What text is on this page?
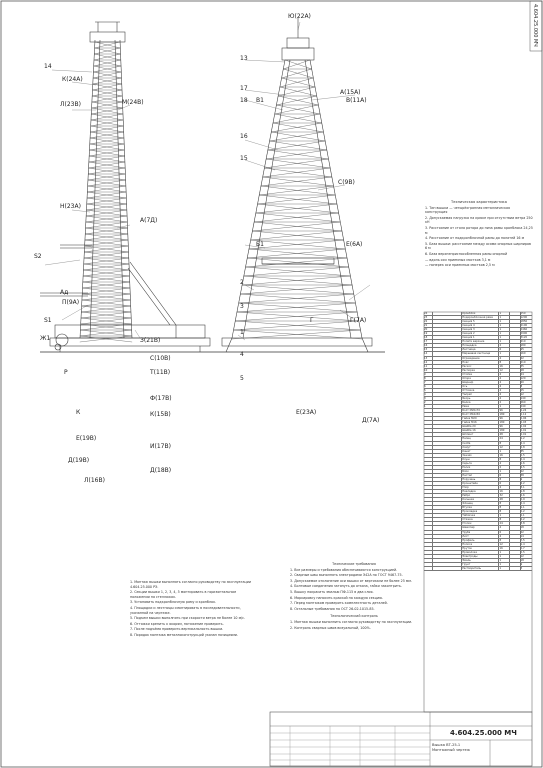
14
К(24А)
Л(23В)	М(24В)
Н(23А)
А(7Д)
S2
Ад
П(9А)
S1
Ж1	З(21В)
С(10В)
Т(11В)
Р
Ф(17В)
К	К(15В)
Е(19В)
И(17В)
Д(19В)
Д(18В)
Л(16В)
Ю(22А)
13
17
18 В1
А(15А)
В(11А)
16
15
С(9В)
Е(6А)
Б1
2
3
1
4
5
Г	Г(7А)
Е(23А)
Д(7А)

Техническая характеристика

1. Тип вышки — четырёхгранная металлическая конструкция

2. Допускаемая нагрузка на крюке при отсутствии ветра 250 кН

3. Расстояние от стола ротора до низа рамы кронблока 24,25 м

4. Расстояние от подкронблочной рамы до полатей 16 м

5. База вышки: расстояние между осями опорных шарниров 6 м

6. База верхнеприспособленная рамы опорной

— вдоль оси приемных мостков 3,1 м

— поперек оси приемных мостков 2,5 м

24	Кронблок	1	250
23	Подкронблочная рама	1	1200
22	Секция 5	1	1850
21	Секция 4	1	2100
20	Секция 3	1	2460
19	Секция 2	1	2900
18	Секция 1	1	3120
17	Полати верхние	1	410
16	Площадка	2	180
15	Лестница	6	95
14	Маршевая лестница	1	160
13	Ограждение	4	42
12	Пояс	8	210
11	Раскос	16	35
10	Распорка	12	28
9	Стойка	4	64
8	Опора	4	120
7	Шарнир	4	40
6	Ось	4	8
5	Оттяжка	4	55
4	Талреп	4	12
3	Якорь	4	140
2	Балка	2	260
1	Рама	1	540
Болт М20х70	96	0,24
Болт М16х50	180	0,12
Гайка М20	96	0,06
Гайка М16	180	0,03
Шайба 20	96	0,02
Шайба 16	180	0,01
Шплинт	48	0,01
Палец	24	1,2
Скоба	8	2,4
Хомут	12	0,8
Канат	1	85
Зажим	16	0,5
Коуш	8	0,4
Серьга	4	1,6
Ролик	2	6,5
Блок	1	42
Настил	6	38
Поручень	8	9
Кронштейн	6	4,2
Упор	4	3,1
Накладка	16	1,8
Ребро	32	0,6
Косынка	48	0,9
Фланец	8	5,4
Втулка	8	1,1
Прокладка	8	0,2
Табличка	1	0,1
Стяжка	8	2,2
Уголок	24	3,8
Швеллер	4	18
Труба	6	22
Лист	4	14
Профиль	8	7,5
Полоса	12	1,4
Пруток	16	0,7
Проволока	1	0,5
Электроды	1	12
Эмаль	1	18
Грунт	1	9
Растворитель	1	3

1. Монтаж вышки выполнять согласно руководству по эксплуатации 4.604.25.000 РЭ.

2. Секции вышки 1, 2, 3, 4, 5 монтировать в горизонтальном положении на стеллажах.

3. Установить подкронблочную раму и кронблок.

4. Площадки и лестницы смонтировать в последовательности, указанной на чертеже.

5. Подъем вышки выполнять при скорости ветра не более 10 м/с.

6. Оттяжки крепить к якорям, натяжение проверить.

7. После подъёма проверить вертикальность вышки.

8. Порядок монтажа металлоконструкций указан позициями.

Технические требования

1. Все размеры и требования обеспечиваются конструкцией.

2. Сварные швы выполнять электродами Э42А по ГОСТ 9467-75.

3. Допускаемое отклонение оси вышки от вертикали не более 25 мм.

4. Болтовые соединения затянуть до отказа, гайки законтрить.

5. Вышку покрасить эмалью ПФ-115 в два слоя.

6. Маркировку наносить краской на каждую секцию.

7. Перед монтажом проверить комплектность деталей.

8. Остальные требования по ОСТ 26-02-1015-85.

Технологический контроль

1. Монтаж вышки выполнить согласно руководству по эксплуатации.

2. Контроль сварных швов визуальный, 100%.

4.604.25.000 МЧ
Вышка ВТ-25-1
Монтажный чертеж
4.604.25.000 МЧ
